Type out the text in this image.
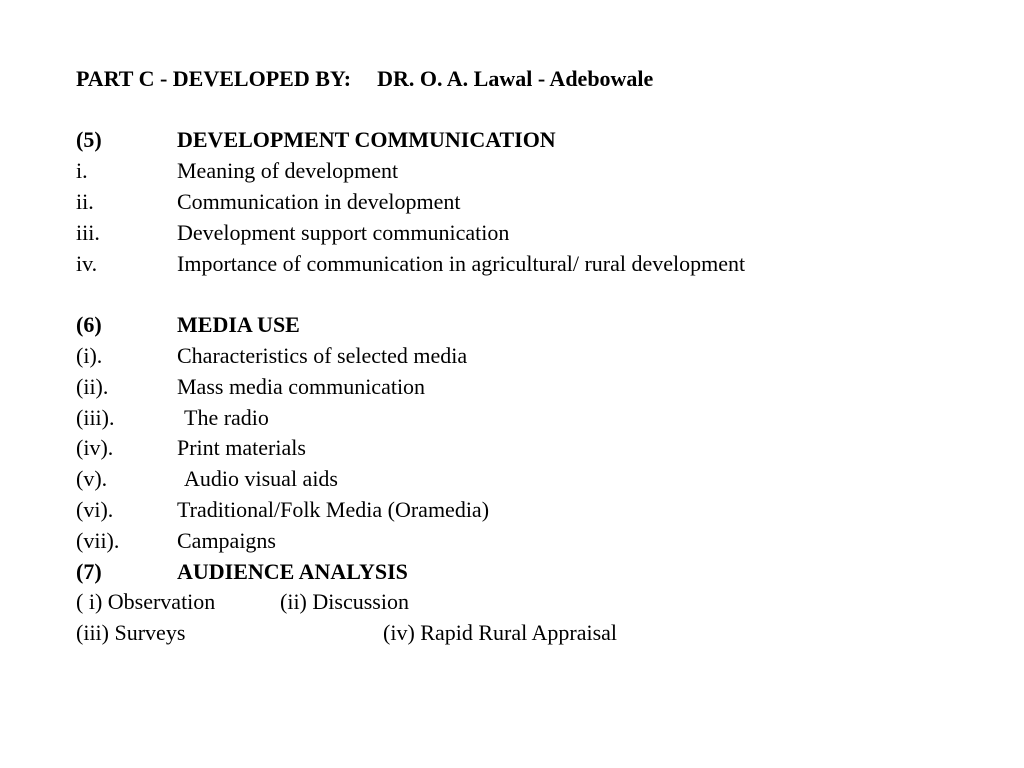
PART C - DEVELOPED BY: DR. O. A. Lawal - Adebowale

(5)	DEVELOPMENT COMMUNICATION

i.	Meaning of development

ii.	Communication in development

iii.	Development support communication

iv.	Importance of communication in agricultural/ rural development

(6)	MEDIA USE

(i).	Characteristics of selected media

(ii).	Mass media communication

(iii).	The radio

(iv).	Print materials

(v).	Audio visual aids

(vi).	Traditional/Folk Media (Oramedia)

(vii).	Campaigns

(7)	AUDIENCE ANALYSIS

( i) Observation	(ii) Discussion

(iii) Surveys	(iv) Rapid Rural Appraisal
